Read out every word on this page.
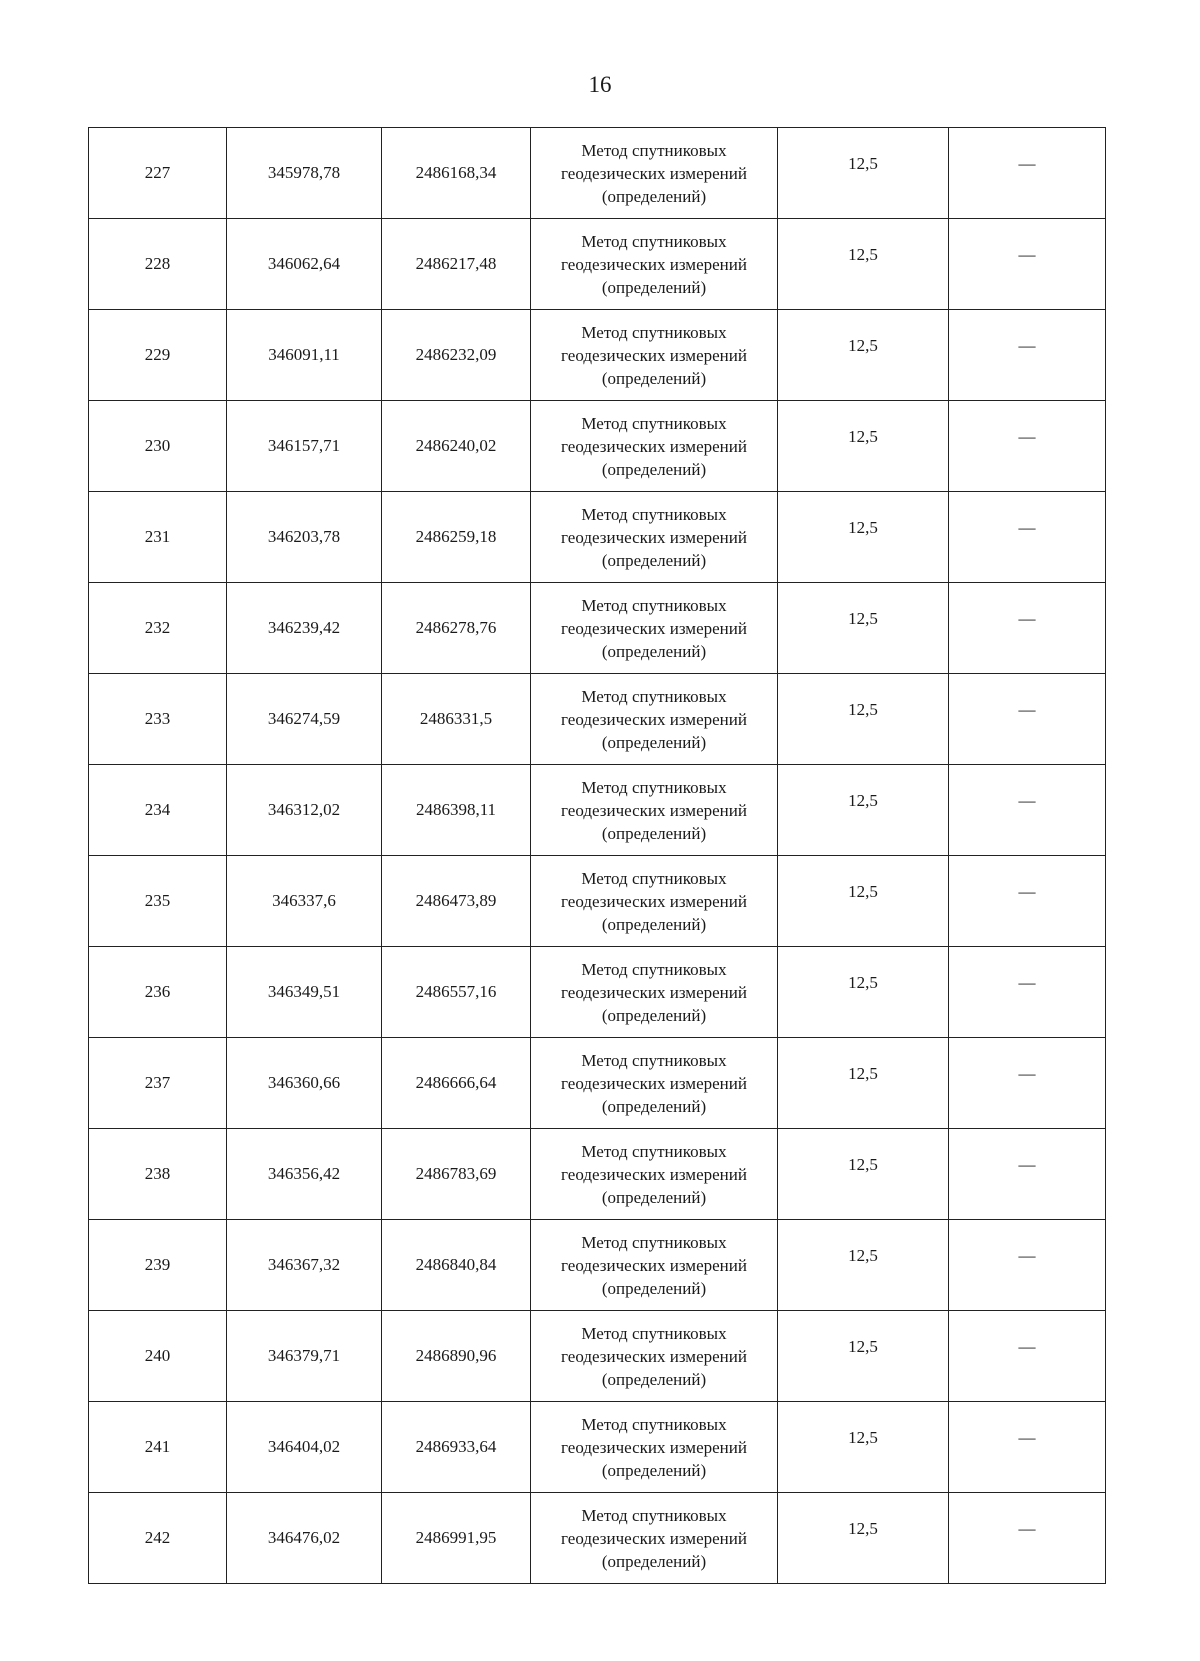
16
227	345978,78	2486168,34	Метод спутниковых
геодезических измерений
(определений)	12,5	—
228	346062,64	2486217,48	Метод спутниковых
геодезических измерений
(определений)	12,5	—
229	346091,11	2486232,09	Метод спутниковых
геодезических измерений
(определений)	12,5	—
230	346157,71	2486240,02	Метод спутниковых
геодезических измерений
(определений)	12,5	—
231	346203,78	2486259,18	Метод спутниковых
геодезических измерений
(определений)	12,5	—
232	346239,42	2486278,76	Метод спутниковых
геодезических измерений
(определений)	12,5	—
233	346274,59	2486331,5	Метод спутниковых
геодезических измерений
(определений)	12,5	—
234	346312,02	2486398,11	Метод спутниковых
геодезических измерений
(определений)	12,5	—
235	346337,6	2486473,89	Метод спутниковых
геодезических измерений
(определений)	12,5	—
236	346349,51	2486557,16	Метод спутниковых
геодезических измерений
(определений)	12,5	—
237	346360,66	2486666,64	Метод спутниковых
геодезических измерений
(определений)	12,5	—
238	346356,42	2486783,69	Метод спутниковых
геодезических измерений
(определений)	12,5	—
239	346367,32	2486840,84	Метод спутниковых
геодезических измерений
(определений)	12,5	—
240	346379,71	2486890,96	Метод спутниковых
геодезических измерений
(определений)	12,5	—
241	346404,02	2486933,64	Метод спутниковых
геодезических измерений
(определений)	12,5	—
242	346476,02	2486991,95	Метод спутниковых
геодезических измерений
(определений)	12,5	—
